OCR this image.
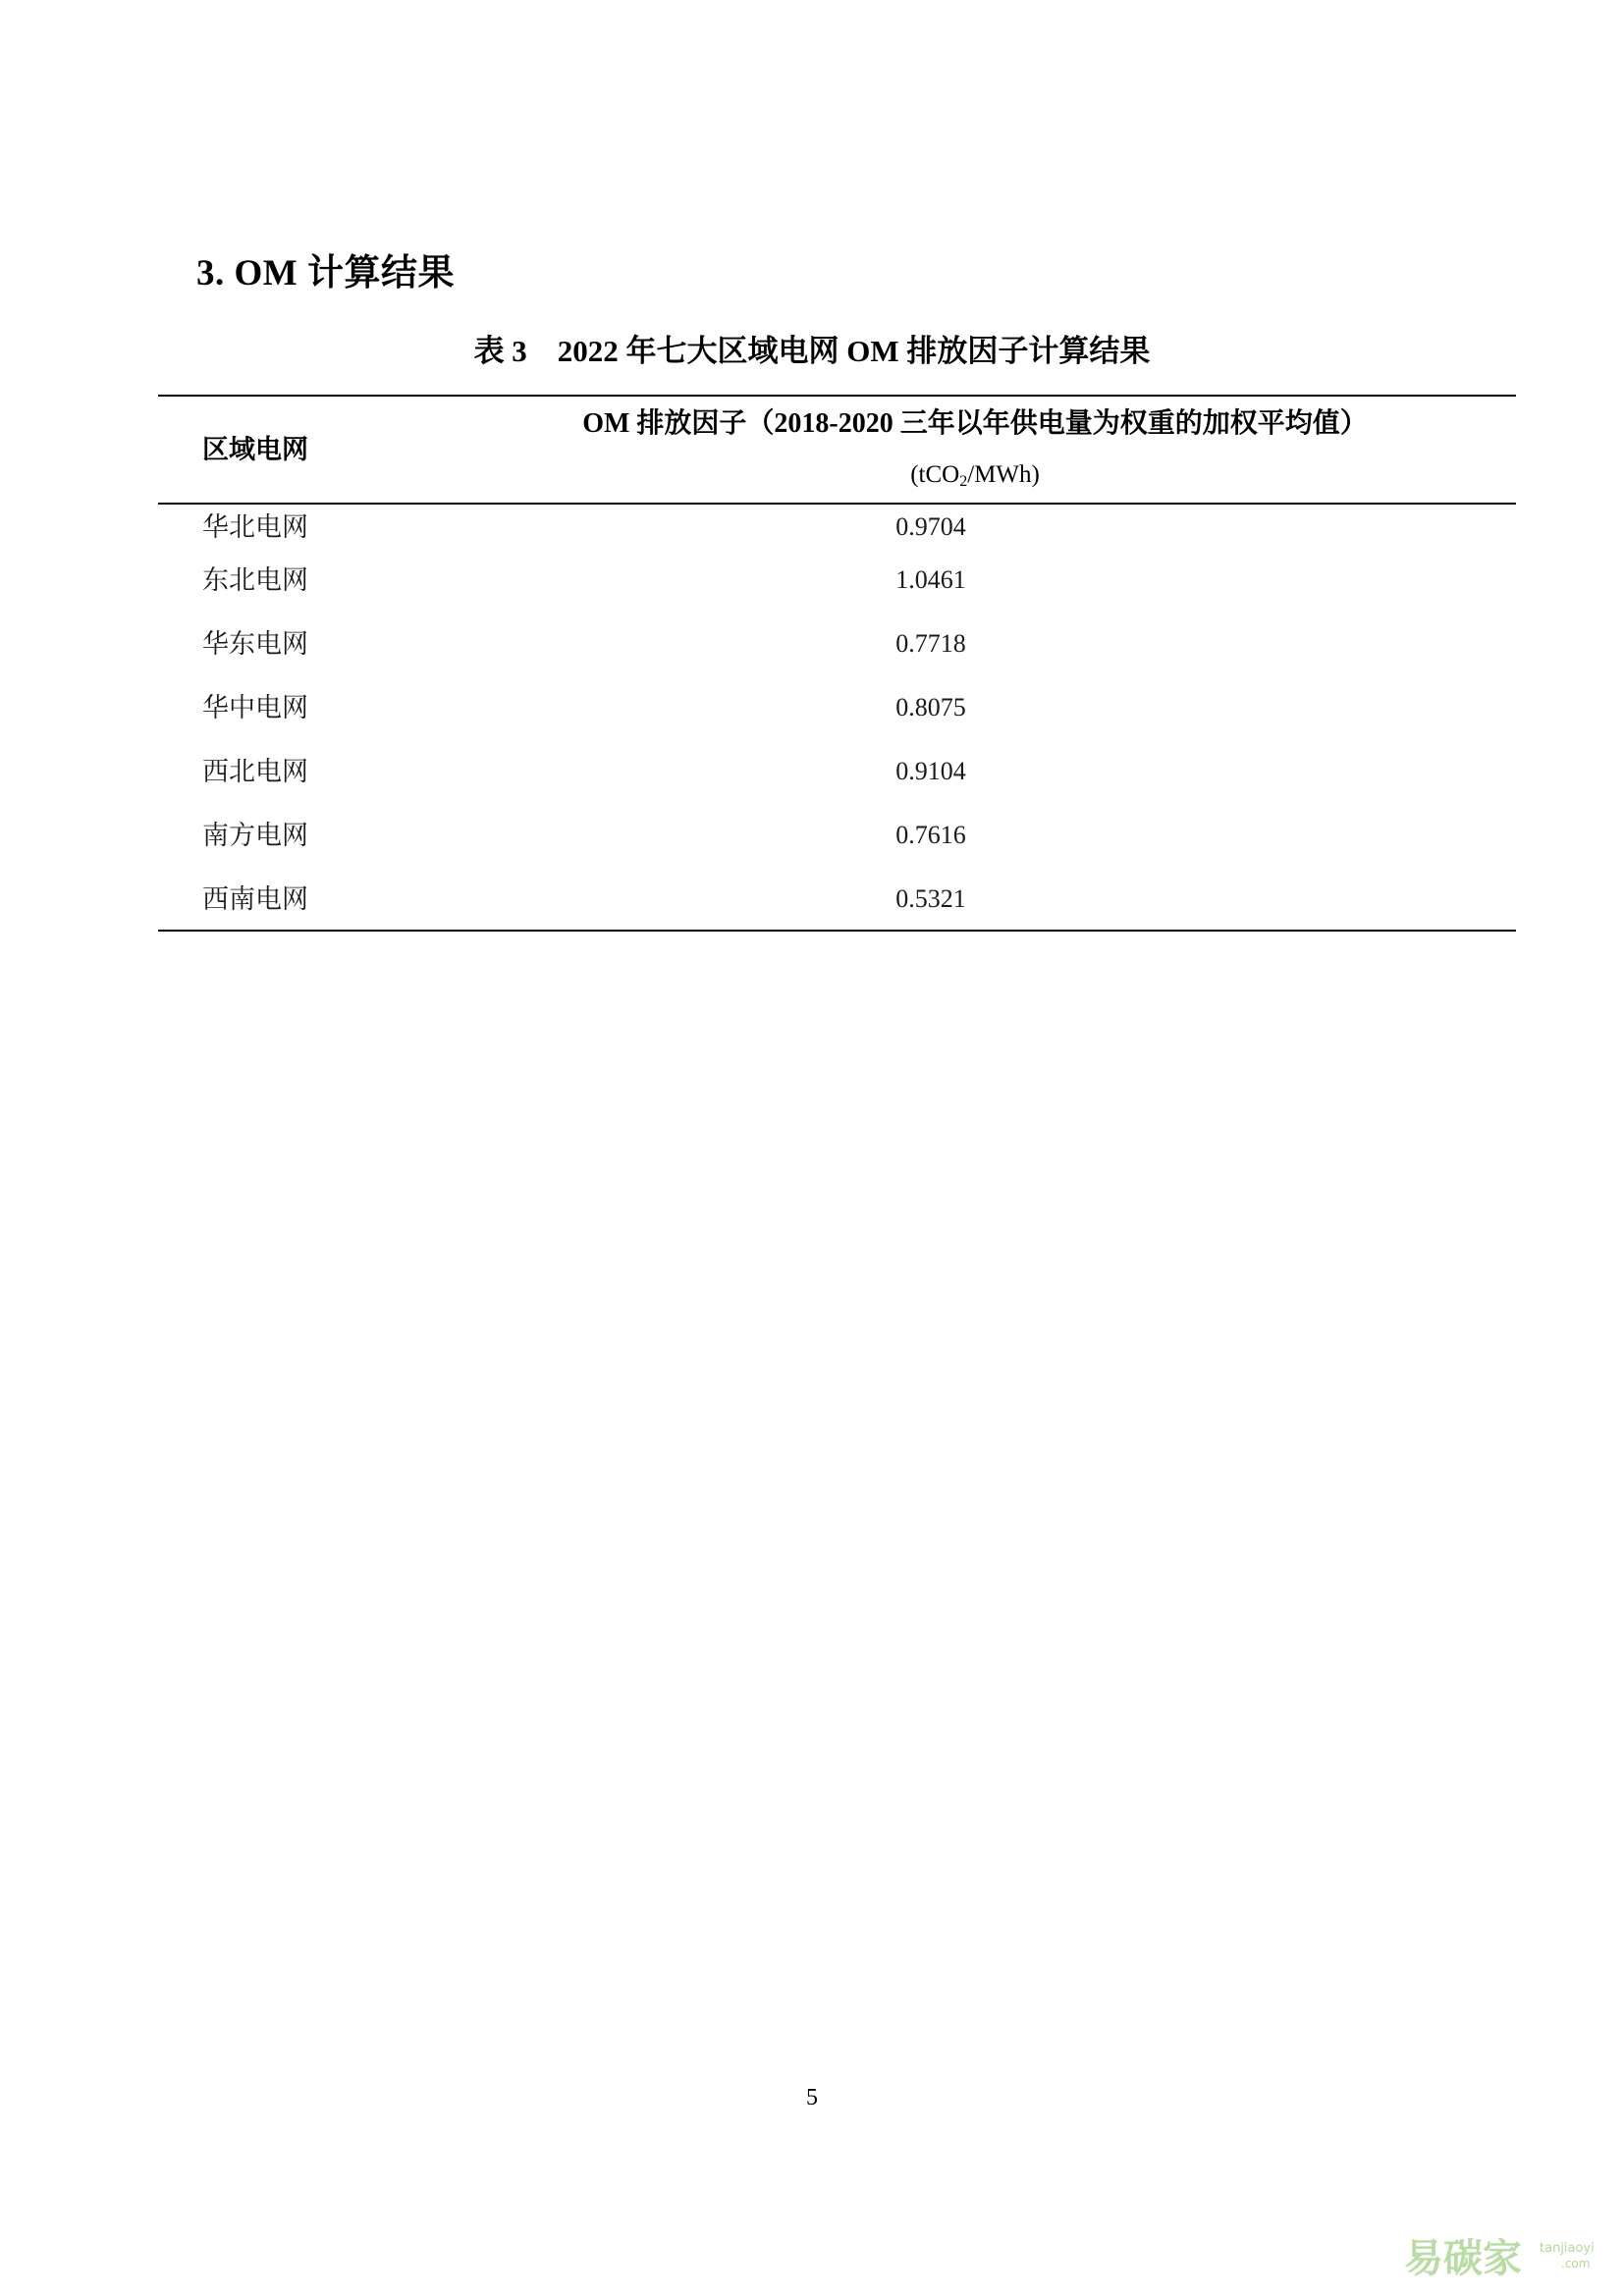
3. OM 计算结果
表 3　2022 年七大区域电网 OM 排放因子计算结果
区域电网
OM 排放因子（2018-2020 三年以年供电量为权重的加权平均值）
(tCO$_2$/MWh)
华北电网	0.9704
东北电网	1.0461
华东电网	0.7718
华中电网	0.8075
西北电网	0.9104
南方电网	0.7616
西南电网	0.5321
5
易碳家 tanjiaoyi
.com
